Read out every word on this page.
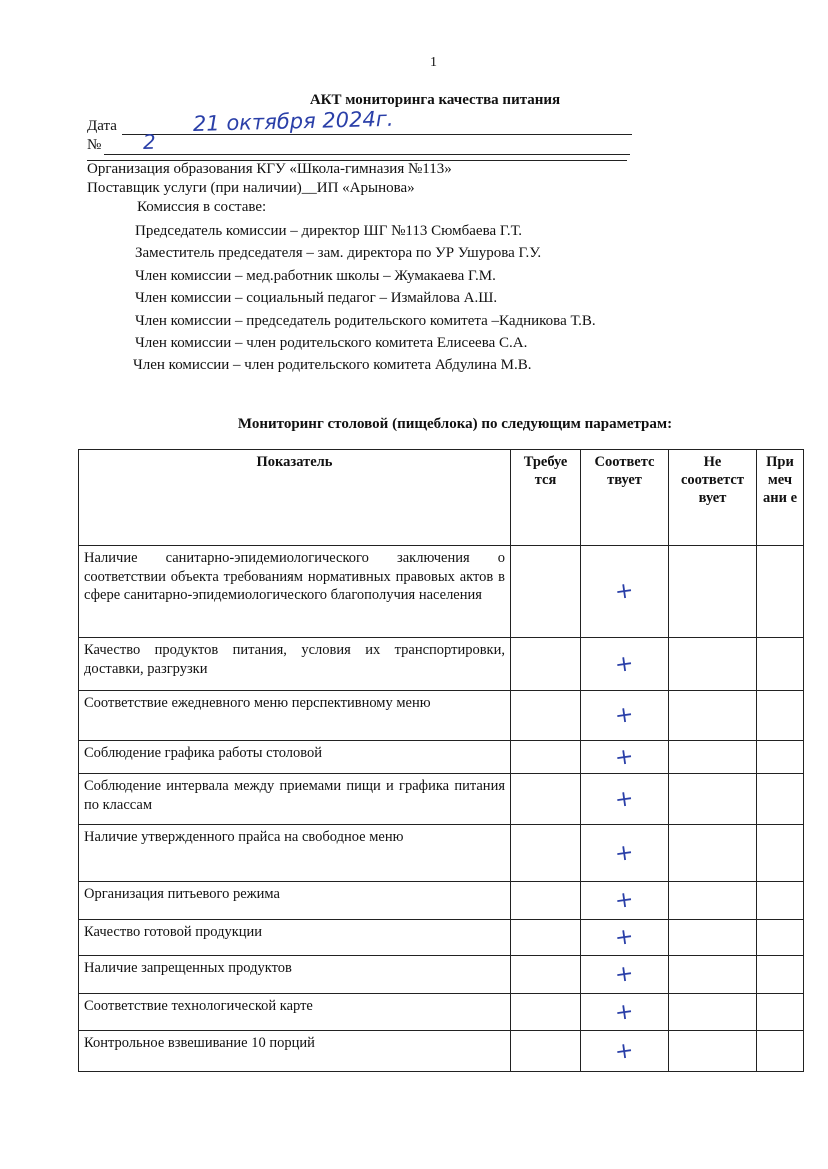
1
АКТ мониторинга качества питания
Дата	21 октября 2024г.
№ 2
Организация образования КГУ «Школа-гимназия №113»
Поставщик услуги (при наличии)__ИП «Арынова»
Комиссия в составе:
Председатель комиссии – директор ШГ №113 Сюмбаева Г.Т.
Заместитель председателя – зам. директора по УР Ушурова Г.У.
Член комиссии – мед.работник школы – Жумакаева Г.М.
Член комиссии – социальный педагог – Измайлова А.Ш.
Член комиссии – председатель родительского комитета –Кадникова Т.В.
Член комиссии – член родительского комитета Елисеева С.А.
Член комиссии – член родительского комитета Абдулина М.В.
Мониторинг столовой (пищеблока) по следующим параметрам:
Показатель	Требуе тся	Соответс твует	Не соответст вует	При меч ани е
Наличие санитарно-эпидемиологического заключения о соответствии объекта требованиям нормативных правовых актов в сфере санитарно-эпидемиологического благополучия населения		+		
Качество продуктов питания, условия их транспортировки, доставки, разгрузки		+		
Соответствие ежедневного меню перспективному меню		+		
Соблюдение графика работы столовой		+		
Соблюдение интервала между приемами пищи и графика питания по классам		+		
Наличие утвержденного прайса на свободное меню		+		
Организация питьевого режима		+		
Качество готовой продукции		+		
Наличие запрещенных продуктов		+		
Соответствие технологической карте		+		
Контрольное взвешивание 10 порций		+		
